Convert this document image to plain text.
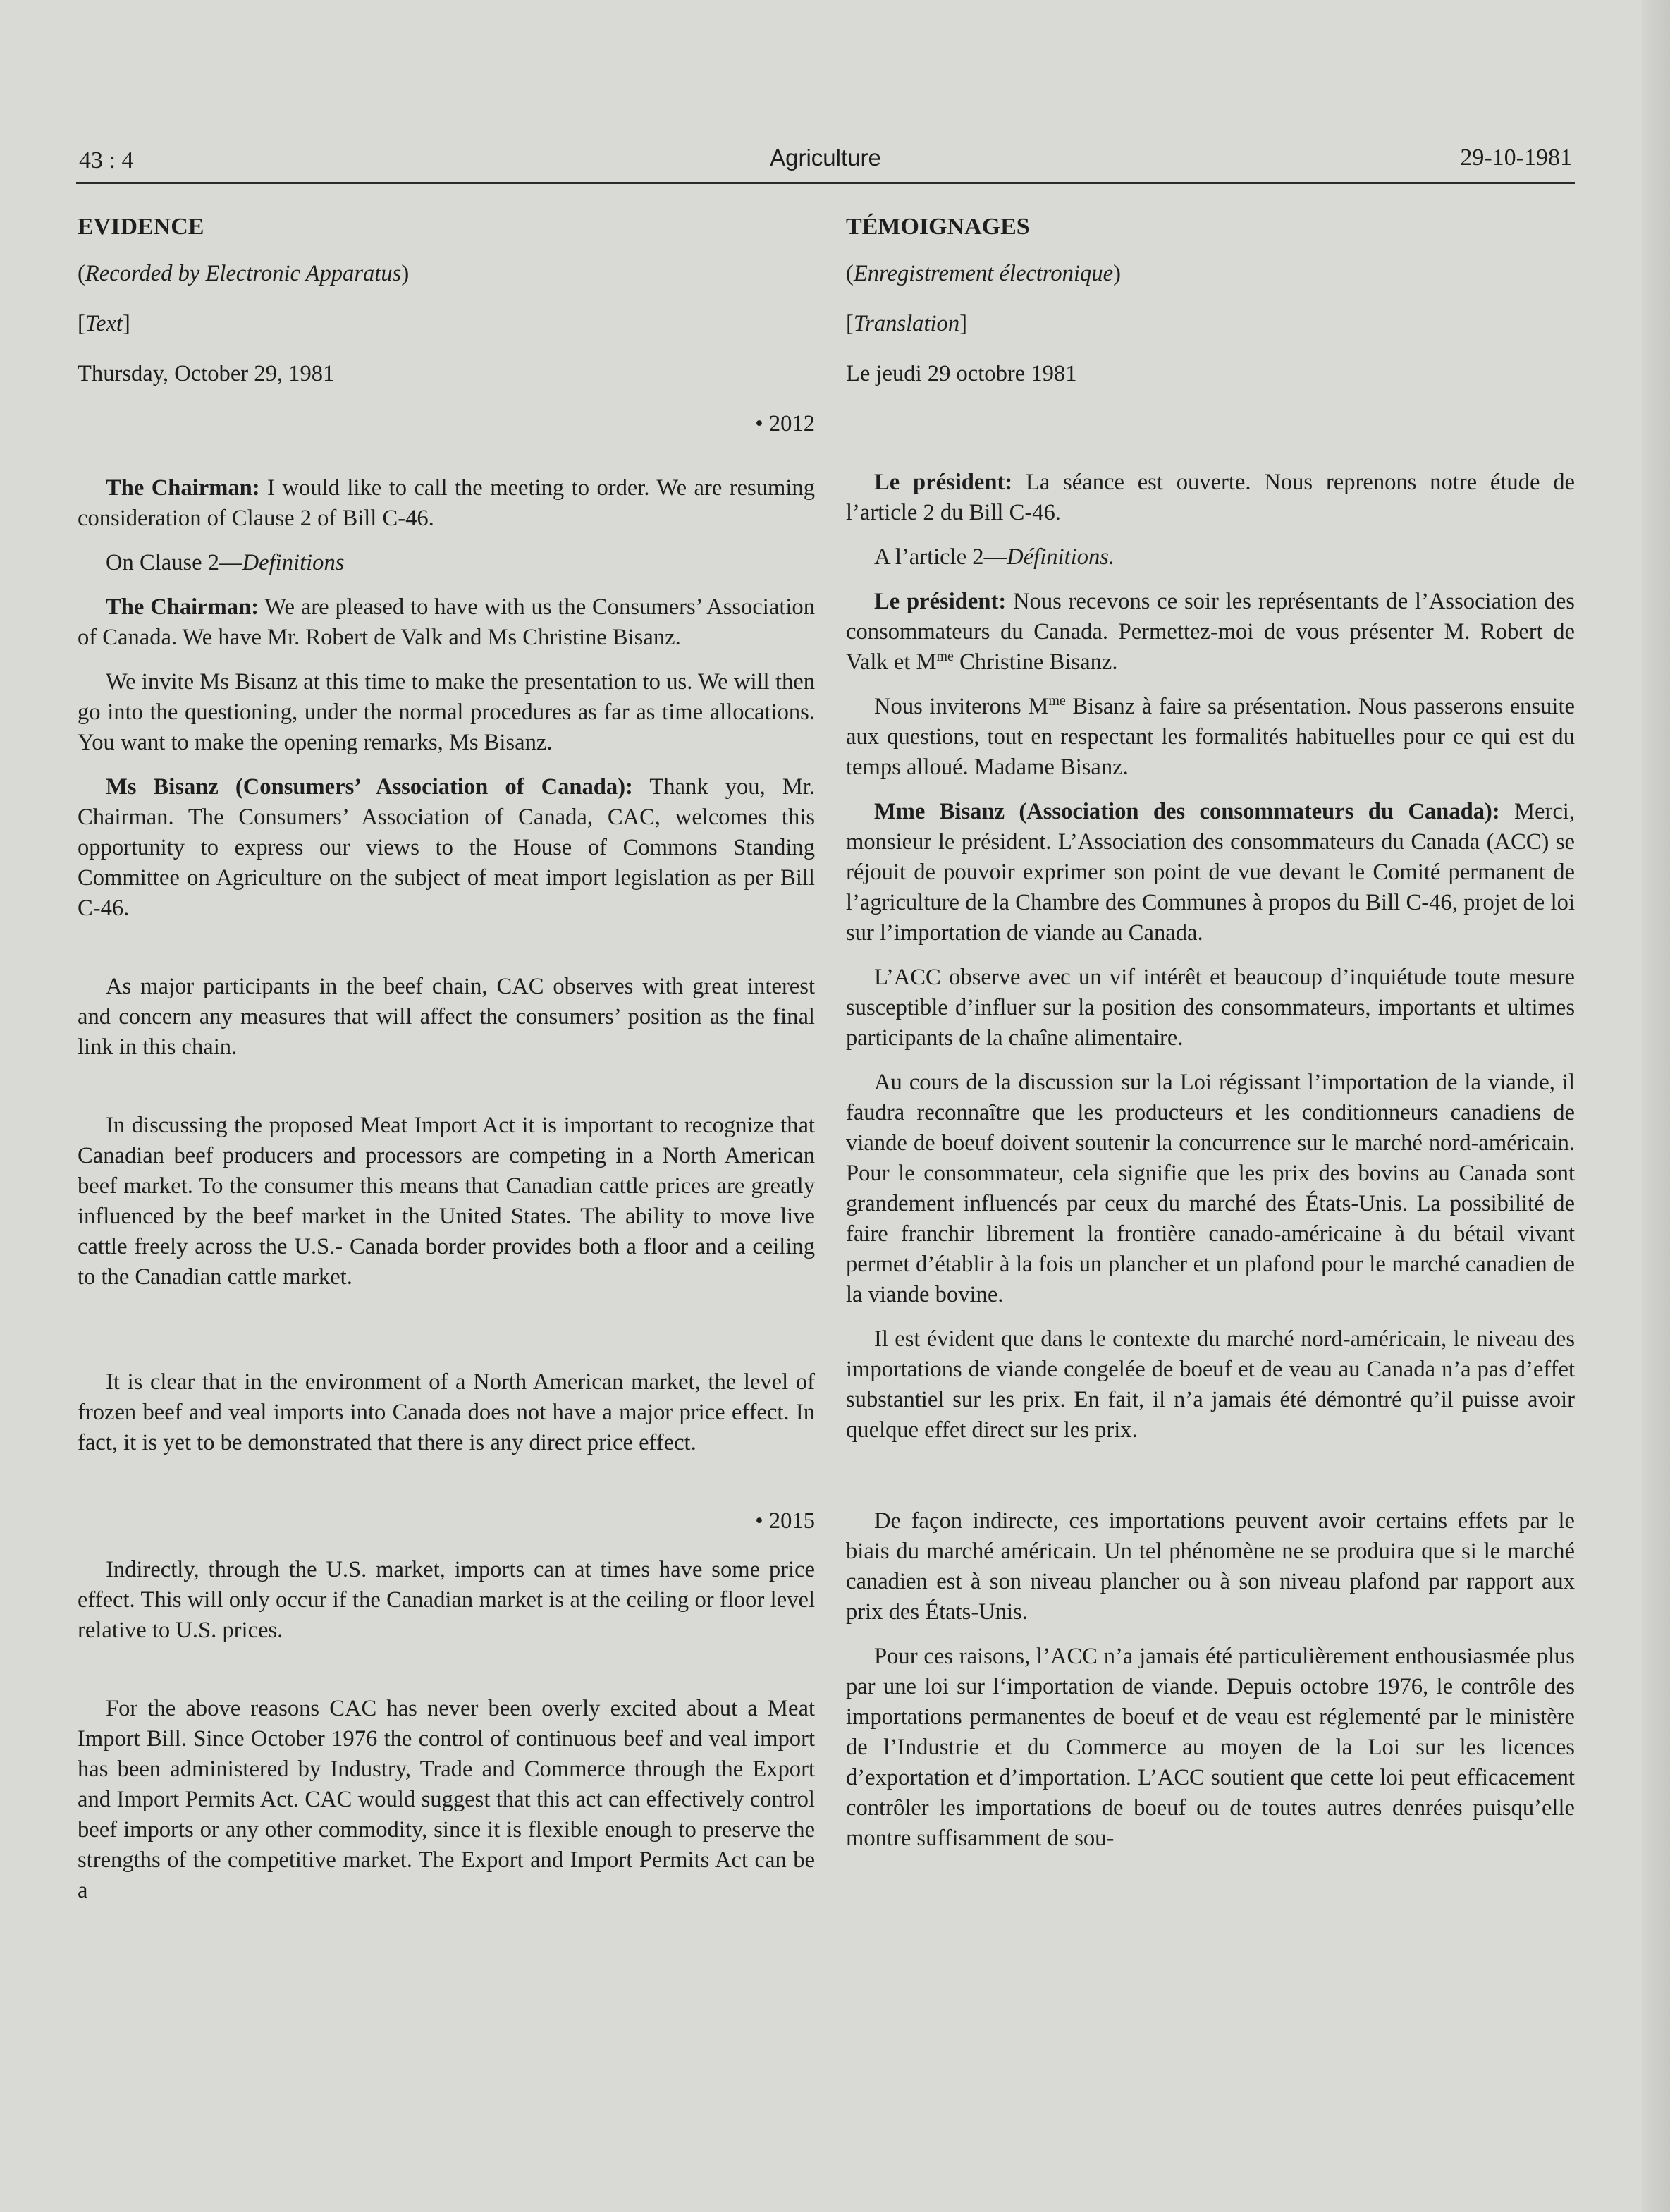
43 : 4	Agriculture	29-10-1981

EVIDENCE

(Recorded by Electronic Apparatus)

[Text]

Thursday, October 29, 1981

• 2012

The Chairman: I would like to call the meeting to order. We are resuming consideration of Clause 2 of Bill C-46.

On Clause 2—Definitions

The Chairman: We are pleased to have with us the Consumers’ Association of Canada. We have Mr. Robert de Valk and Ms Christine Bisanz.

We invite Ms Bisanz at this time to make the presentation to us. We will then go into the questioning, under the normal procedures as far as time allocations. You want to make the opening remarks, Ms Bisanz.

Ms Bisanz (Consumers’ Association of Canada): Thank you, Mr. Chairman. The Consumers’ Association of Canada, CAC, welcomes this opportunity to express our views to the House of Commons Standing Committee on Agriculture on the subject of meat import legislation as per Bill C-46.

As major participants in the beef chain, CAC observes with great interest and concern any measures that will affect the consumers’ position as the final link in this chain.

In discussing the proposed Meat Import Act it is important to recognize that Canadian beef producers and processors are competing in a North American beef market. To the consumer this means that Canadian cattle prices are greatly influenced by the beef market in the United States. The ability to move live cattle freely across the U.S.- Canada border provides both a floor and a ceiling to the Canadian cattle market.

It is clear that in the environment of a North American market, the level of frozen beef and veal imports into Canada does not have a major price effect. In fact, it is yet to be demonstrated that there is any direct price effect.

• 2015

Indirectly, through the U.S. market, imports can at times have some price effect. This will only occur if the Canadian market is at the ceiling or floor level relative to U.S. prices.

For the above reasons CAC has never been overly excited about a Meat Import Bill. Since October 1976 the control of continuous beef and veal import has been administered by Industry, Trade and Commerce through the Export and Import Permits Act. CAC would suggest that this act can effectively control beef imports or any other commodity, since it is flexible enough to preserve the strengths of the competitive market. The Export and Import Permits Act can be a

TÉMOIGNAGES

(Enregistrement électronique)

[Translation]

Le jeudi 29 octobre 1981

Le président: La séance est ouverte. Nous reprenons notre étude de l’article 2 du Bill C-46.

A l’article 2—Définitions.

Le président: Nous recevons ce soir les représentants de l’Association des consommateurs du Canada. Permettez-moi de vous présenter M. Robert de Valk et $M^{me}$ Christine Bisanz.

Nous inviterons $M^{me}$ Bisanz à faire sa présentation. Nous passerons ensuite aux questions, tout en respectant les formalités habituelles pour ce qui est du temps alloué. Madame Bisanz.

Mme Bisanz (Association des consommateurs du Canada): Merci, monsieur le président. L’Association des consommateurs du Canada (ACC) se réjouit de pouvoir exprimer son point de vue devant le Comité permanent de l’agriculture de la Chambre des Communes à propos du Bill C-46, projet de loi sur l’importation de viande au Canada.

L’ACC observe avec un vif intérêt et beaucoup d’inquiétude toute mesure susceptible d’influer sur la position des consommateurs, importants et ultimes participants de la chaîne alimentaire.

Au cours de la discussion sur la Loi régissant l’importation de la viande, il faudra reconnaître que les producteurs et les conditionneurs canadiens de viande de boeuf doivent soutenir la concurrence sur le marché nord-américain. Pour le consommateur, cela signifie que les prix des bovins au Canada sont grandement influencés par ceux du marché des États-Unis. La possibilité de faire franchir librement la frontière canado-américaine à du bétail vivant permet d’établir à la fois un plancher et un plafond pour le marché canadien de la viande bovine.

Il est évident que dans le contexte du marché nord-américain, le niveau des importations de viande congelée de boeuf et de veau au Canada n’a pas d’effet substantiel sur les prix. En fait, il n’a jamais été démontré qu’il puisse avoir quelque effet direct sur les prix.

De façon indirecte, ces importations peuvent avoir certains effets par le biais du marché américain. Un tel phénomène ne se produira que si le marché canadien est à son niveau plancher ou à son niveau plafond par rapport aux prix des États-Unis.

Pour ces raisons, l’ACC n’a jamais été particulièrement enthousiasmée plus par une loi sur l‘importation de viande. Depuis octobre 1976, le contrôle des importations permanentes de boeuf et de veau est réglementé par le ministère de l’Industrie et du Commerce au moyen de la Loi sur les licences d’exportation et d’importation. L’ACC soutient que cette loi peut efficacement contrôler les importations de boeuf ou de toutes autres denrées puisqu’elle montre suffisamment de sou-
